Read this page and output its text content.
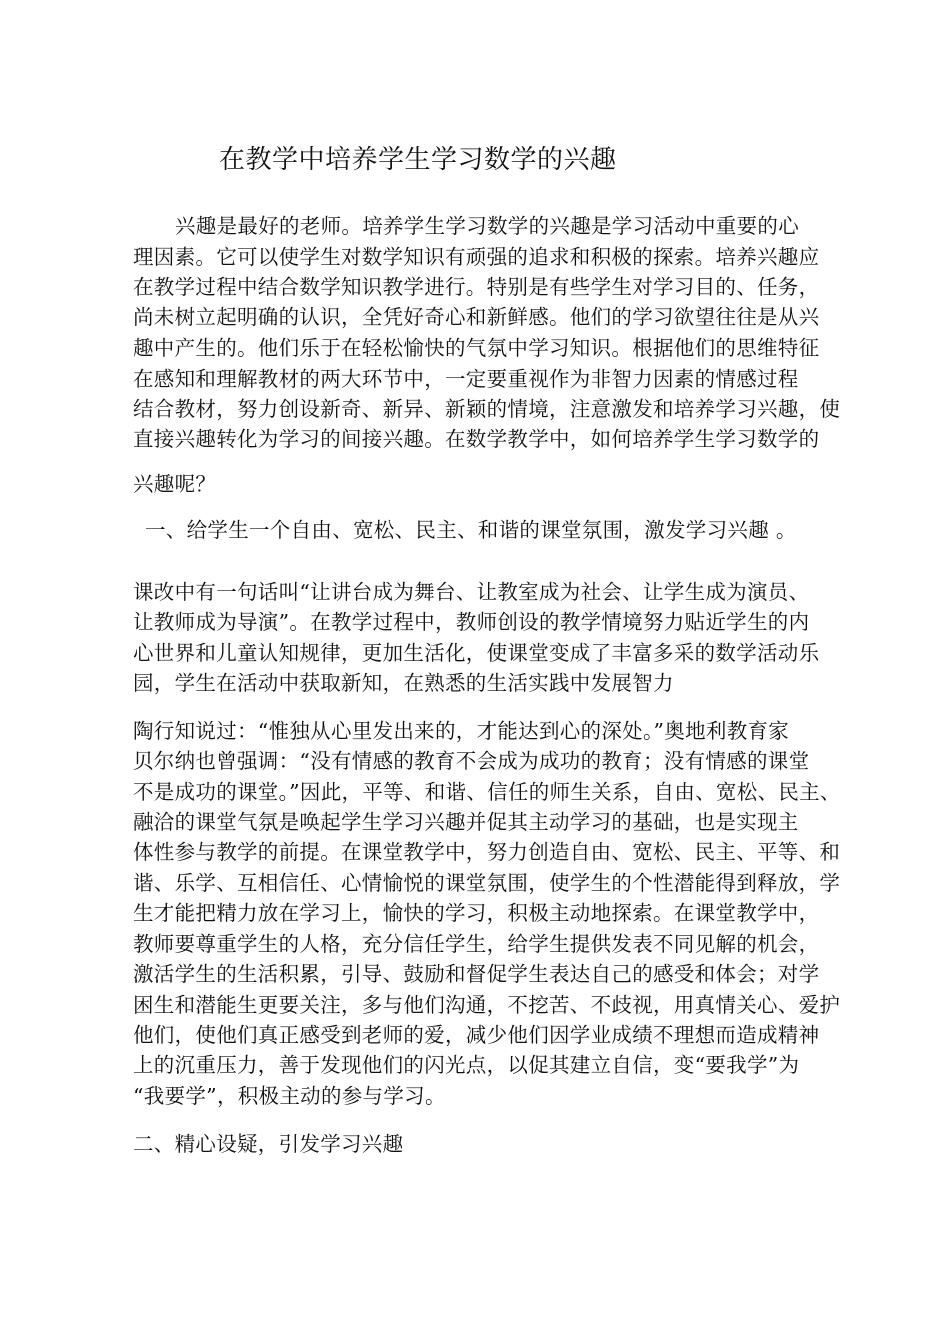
在教学中培养学生学习数学的兴趣
兴趣是最好的老师。培养学生学习数学的兴趣是学习活动中重要的心
理因素。它可以使学生对数学知识有顽强的追求和积极的探索。培养兴趣应
在教学过程中结合数学知识教学进行。特别是有些学生对学习目的、任务，
尚未树立起明确的认识，全凭好奇心和新鲜感。他们的学习欲望往往是从兴
趣中产生的。他们乐于在轻松愉快的气氛中学习知识。根据他们的思维特征
在感知和理解教材的两大环节中，一定要重视作为非智力因素的情感过程
结合教材，努力创设新奇、新异、新颖的情境，注意激发和培养学习兴趣，使
直接兴趣转化为学习的间接兴趣。在数学教学中，如何培养学生学习数学的
兴趣呢？
一、给学生一个自由、宽松、民主、和谐的课堂氛围，激发学习兴趣 。
课改中有一句话叫“让讲台成为舞台、让教室成为社会、让学生成为演员、
让教师成为导演”。在教学过程中，教师创设的教学情境努力贴近学生的内
心世界和儿童认知规律，更加生活化，使课堂变成了丰富多采的数学活动乐
园，学生在活动中获取新知，在熟悉的生活实践中发展智力
陶行知说过：“惟独从心里发出来的，才能达到心的深处。”奥地利教育家
贝尔纳也曾强调：“没有情感的教育不会成为成功的教育；没有情感的课堂
不是成功的课堂。”因此，平等、和谐、信任的师生关系，自由、宽松、民主、
融洽的课堂气氛是唤起学生学习兴趣并促其主动学习的基础，也是实现主
体性参与教学的前提。在课堂教学中，努力创造自由、宽松、民主、平等、和
谐、乐学、互相信任、心情愉悦的课堂氛围，使学生的个性潜能得到释放，学
生才能把精力放在学习上，愉快的学习，积极主动地探索。在课堂教学中，
教师要尊重学生的人格，充分信任学生，给学生提供发表不同见解的机会，
激活学生的生活积累，引导、鼓励和督促学生表达自己的感受和体会；对学
困生和潜能生更要关注，多与他们沟通，不挖苦、不歧视，用真情关心、爱护
他们，使他们真正感受到老师的爱，减少他们因学业成绩不理想而造成精神
上的沉重压力，善于发现他们的闪光点，以促其建立自信，变“要我学”为
“我要学”，积极主动的参与学习。
二、精心设疑，引发学习兴趣
